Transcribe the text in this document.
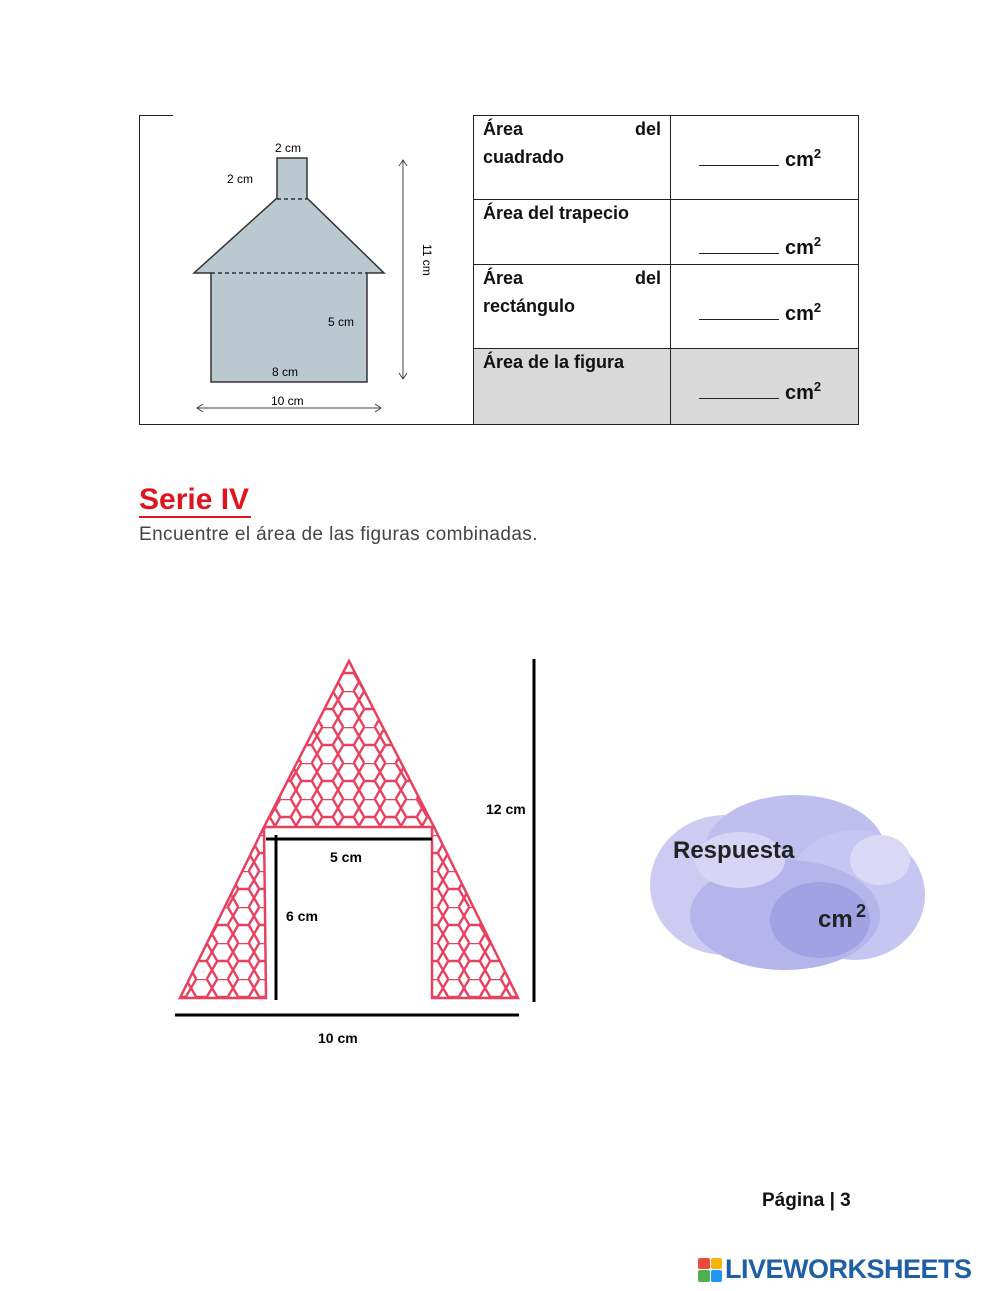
2 cm
2 cm
11 cm
5 cm
8 cm
10 cm
Área	del
cuadrado
Área del trapecio
Área	del
rectángulo
Área de la figura
$cm^2$
$cm^2$
$cm^2$
$cm^2$
Serie IV
Encuentre el área de las figuras combinadas.
12 cm
5 cm
6 cm
10 cm
Respuesta
cm 2
Página | 3
LIVEWORKSHEETS
